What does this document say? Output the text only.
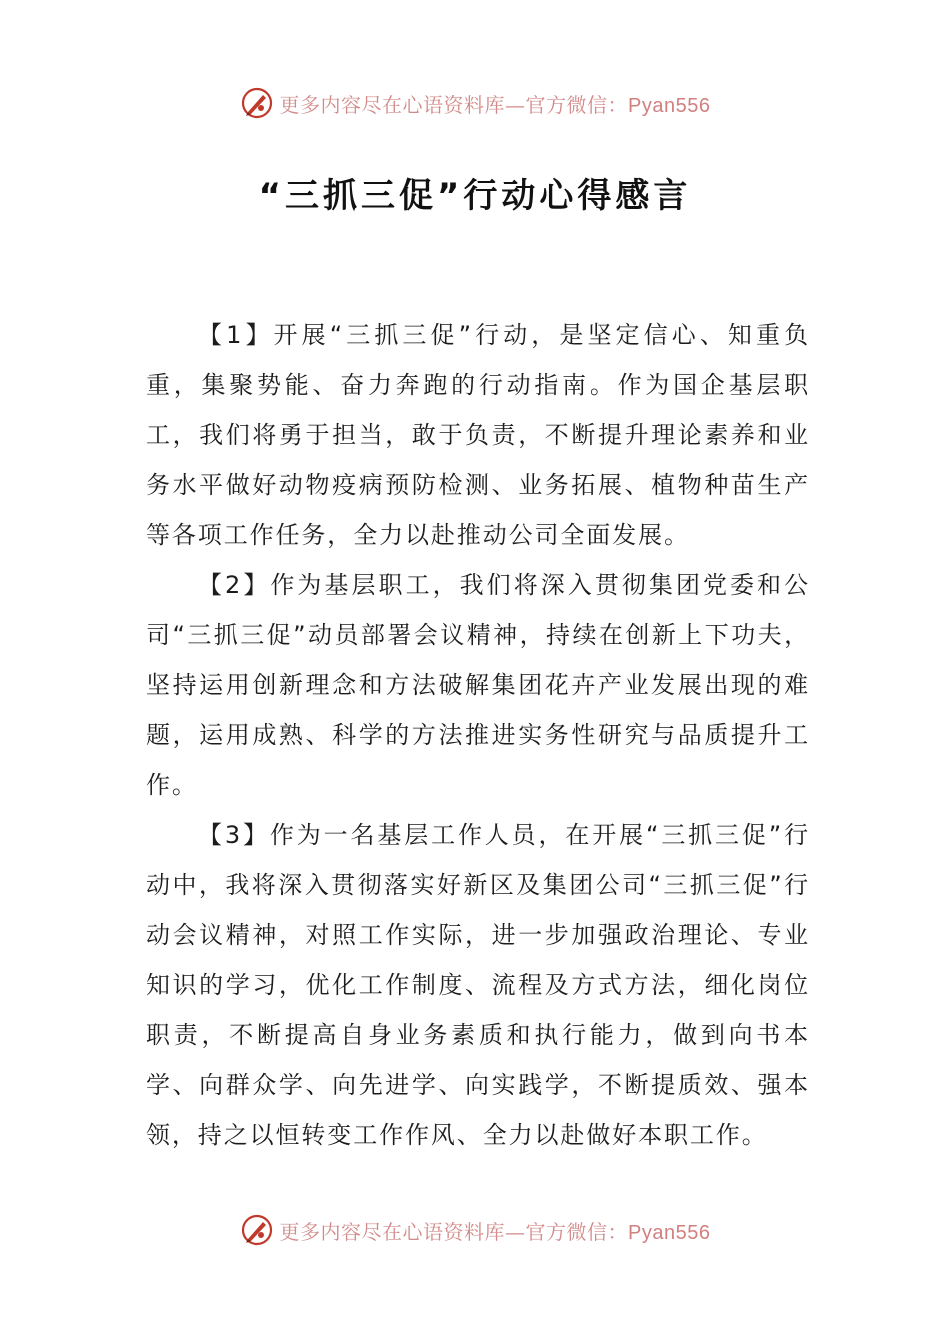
更多内容尽在心语资料库—官方微信：Pyan556
“三抓三促”行动心得感言

【1】开展“三抓三促”行动，是坚定信心、知重负重，集聚势能、奋力奔跑的行动指南。作为国企基层职工，我们将勇于担当，敢于负责，不断提升理论素养和业务水平做好动物疫病预防检测、业务拓展、植物种苗生产等各项工作任务，全力以赴推动公司全面发展。

【2】作为基层职工，我们将深入贯彻集团党委和公司“三抓三促”动员部署会议精神，持续在创新上下功夫，坚持运用创新理念和方法破解集团花卉产业发展出现的难题，运用成熟、科学的方法推进实务性研究与品质提升工作。

【3】作为一名基层工作人员，在开展“三抓三促”行动中，我将深入贯彻落实好新区及集团公司“三抓三促”行动会议精神，对照工作实际，进一步加强政治理论、专业知识的学习，优化工作制度、流程及方式方法，细化岗位职责，不断提高自身业务素质和执行能力，做到向书本学、向群众学、向先进学、向实践学，不断提质效、强本领，持之以恒转变工作作风、全力以赴做好本职工作。

更多内容尽在心语资料库—官方微信：Pyan556
